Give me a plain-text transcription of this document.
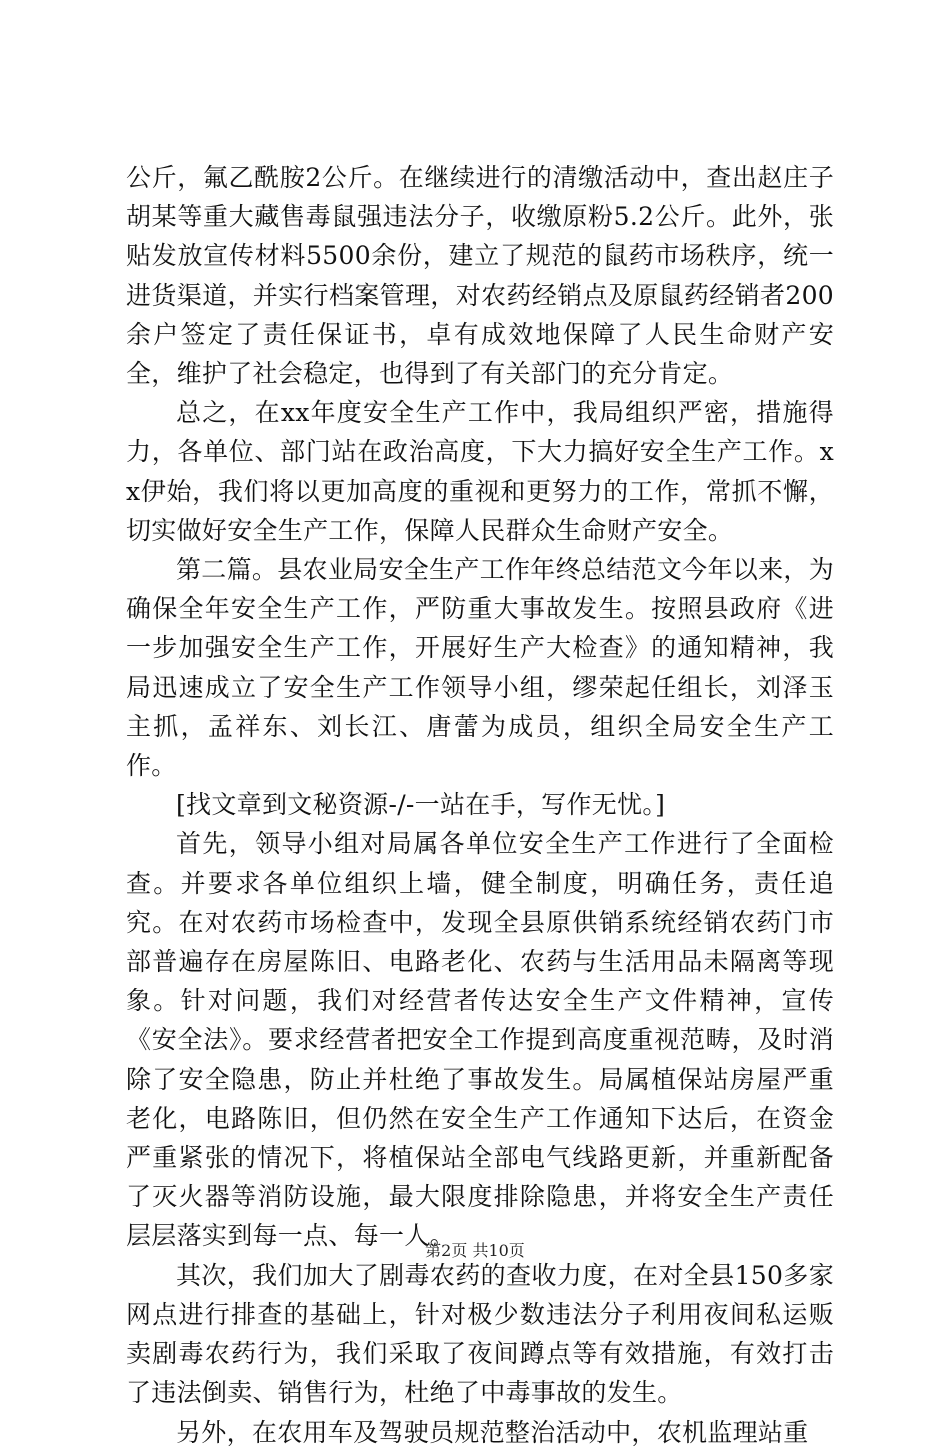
公斤，氟乙酰胺2公斤。在继续进行的清缴活动中，查出赵庄子胡某等重大藏售毒鼠强违法分子，收缴原粉5.2公斤。此外，张贴发放宣传材料5500余份，建立了规范的鼠药市场秩序，统一进货渠道，并实行档案管理，对农药经销点及原鼠药经销者200余户签定了责任保证书，卓有成效地保障了人民生命财产安全，维护了社会稳定，也得到了有关部门的充分肯定。

总之，在xx年度安全生产工作中，我局组织严密，措施得力，各单位、部门站在政治高度，下大力搞好安全生产工作。xx伊始，我们将以更加高度的重视和更努力的工作，常抓不懈，切实做好安全生产工作，保障人民群众生命财产安全。

第二篇。县农业局安全生产工作年终总结范文今年以来，为确保全年安全生产工作，严防重大事故发生。按照县政府《进一步加强安全生产工作，开展好生产大检查》的通知精神，我局迅速成立了安全生产工作领导小组，缪荣起任组长，刘泽玉主抓，孟祥东、刘长江、唐蕾为成员，组织全局安全生产工作。

[找文章到文秘资源-/-一站在手，写作无忧。]

首先，领导小组对局属各单位安全生产工作进行了全面检查。并要求各单位组织上墙，健全制度，明确任务，责任追究。在对农药市场检查中，发现全县原供销系统经销农药门市部普遍存在房屋陈旧、电路老化、农药与生活用品未隔离等现象。针对问题，我们对经营者传达安全生产文件精神，宣传《安全法》。要求经营者把安全工作提到高度重视范畴，及时消除了安全隐患，防止并杜绝了事故发生。局属植保站房屋严重老化，电路陈旧，但仍然在安全生产工作通知下达后，在资金严重紧张的情况下，将植保站全部电气线路更新，并重新配备了灭火器等消防设施，最大限度排除隐患，并将安全生产责任层层落实到每一点、每一人。

其次，我们加大了剧毒农药的查收力度，在对全县150多家网点进行排查的基础上，针对极少数违法分子利用夜间私运贩卖剧毒农药行为，我们采取了夜间蹲点等有效措施，有效打击了违法倒卖、销售行为，杜绝了中毒事故的发生。

另外，在农用车及驾驶员规范整治活动中，农机监理站重

第2页 共10页
